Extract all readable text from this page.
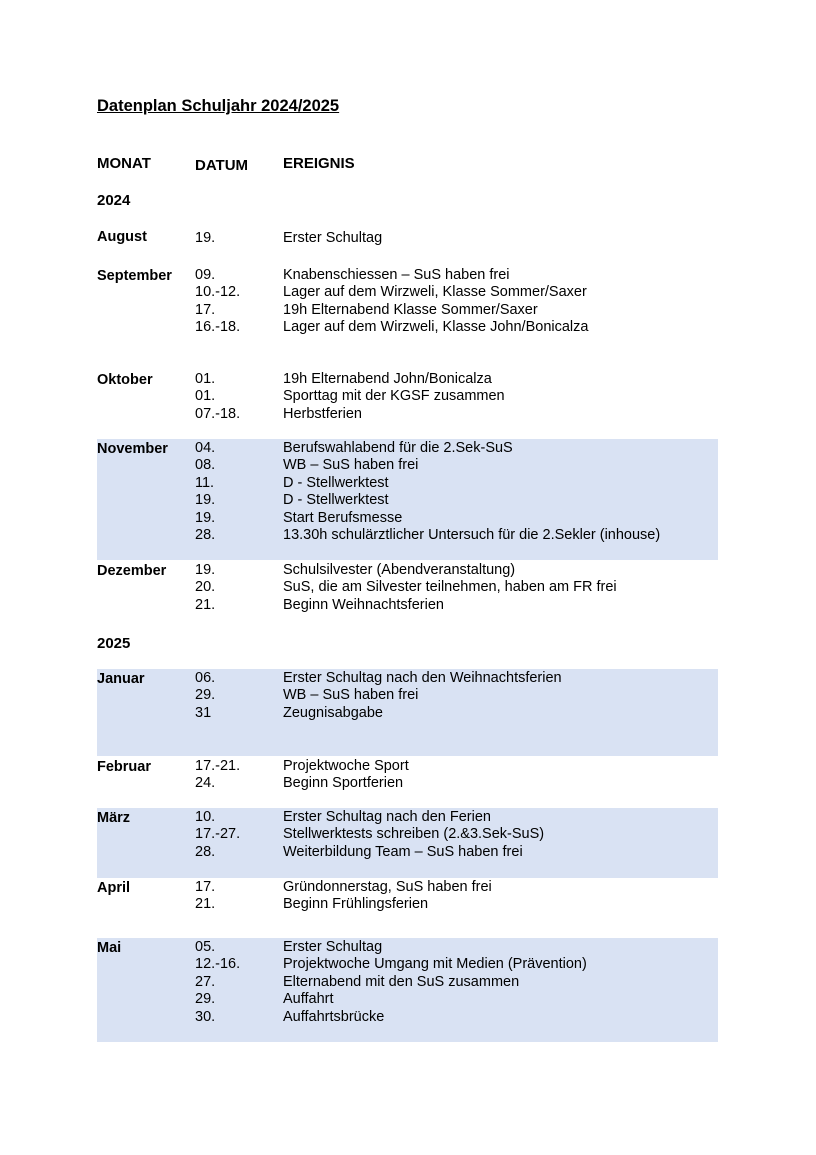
Datenplan Schuljahr 2024/2025
MONAT	DATUM EREIGNIS
2024
August	19.	Erster Schultag
September 09.	Knabenschiessen – SuS haben frei
10.-12.	Lager auf dem Wirzweli, Klasse Sommer/Saxer
17.	19h Elternabend Klasse Sommer/Saxer
16.-18.	Lager auf dem Wirzweli, Klasse John/Bonicalza
Oktober	01.	19h Elternabend John/Bonicalza
01.	Sporttag mit der KGSF zusammen
07.-18.	Herbstferien
November 04.	Berufswahlabend für die 2.Sek-SuS
08.	WB – SuS haben frei
11.	D - Stellwerktest
19.	D - Stellwerktest
19.	Start Berufsmesse
28.	13.30h schulärztlicher Untersuch für die 2.Sekler (inhouse)
Dezember 19.	Schulsilvester (Abendveranstaltung)
20.	SuS, die am Silvester teilnehmen, haben am FR frei
21.	Beginn Weihnachtsferien
2025
Januar	06.	Erster Schultag nach den Weihnachtsferien
29.	WB – SuS haben frei
31	Zeugnisabgabe
Februar	17.-21.	Projektwoche Sport
24.	Beginn Sportferien
März	10.	Erster Schultag nach den Ferien
17.-27.	Stellwerktests schreiben (2.&3.Sek-SuS)
28.	Weiterbildung Team – SuS haben frei
April	17.	Gründonnerstag, SuS haben frei
21.	Beginn Frühlingsferien
Mai	05.	Erster Schultag
12.-16.	Projektwoche Umgang mit Medien (Prävention)
27.	Elternabend mit den SuS zusammen
29.	Auffahrt
30.	Auffahrtsbrücke
